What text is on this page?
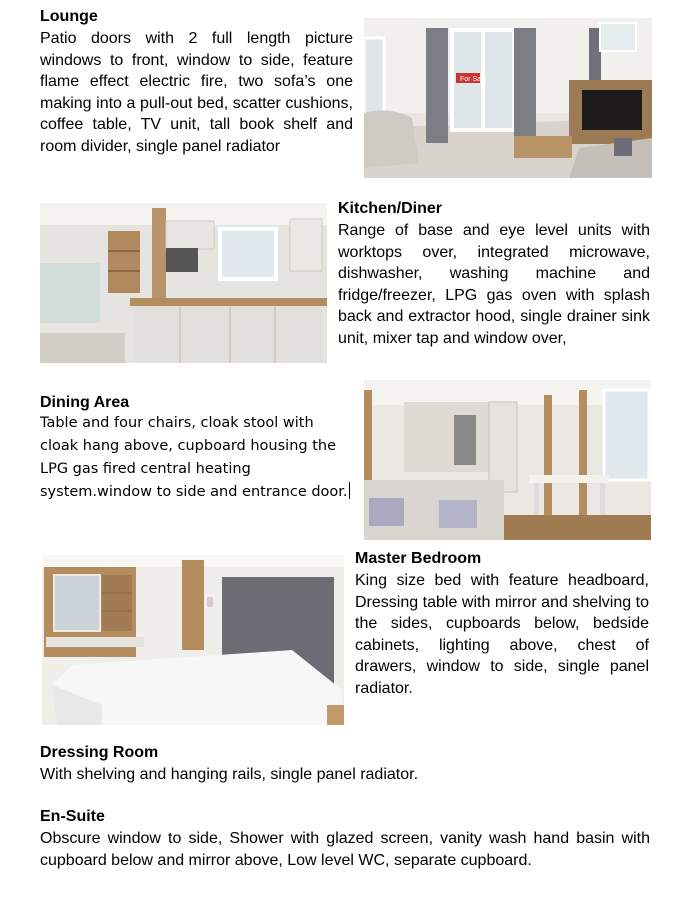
Lounge
Patio doors with 2 full length picture windows to front, window to side, feature flame effect electric fire, two sofa’s one making into a pull-out bed, scatter cushions, coffee table, TV unit, tall book shelf and room divider, single panel radiator
For Sale
Kitchen/Diner
Range of base and eye level units with worktops over, integrated microwave, dishwasher, washing machine and fridge/freezer, LPG gas oven with splash back and extractor hood, single drainer sink unit, mixer tap and window over,
Dining Area
Table and four chairs, cloak stool with cloak hang above, cupboard housing the LPG gas fired central heating system.window to side and entrance door.
Master Bedroom
King size bed with feature headboard, Dressing table with mirror and shelving to the sides, cupboards below, bedside cabinets, lighting above, chest of drawers, window to side, single panel radiator.
Dressing Room
With shelving and hanging rails, single panel radiator.
En-Suite
Obscure window to side, Shower with glazed screen, vanity wash hand basin with cupboard below and mirror above, Low level WC, separate cupboard.
